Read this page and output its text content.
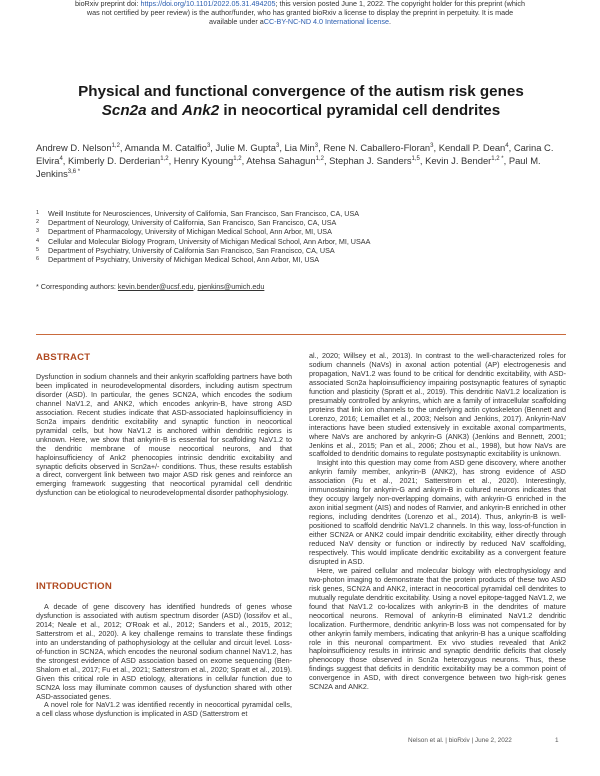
bioRxiv preprint doi: https://doi.org/10.1101/2022.05.31.494205; this version posted June 1, 2022. The copyright holder for this preprint (which
was not certified by peer review) is the author/funder, who has granted bioRxiv a license to display the preprint in perpetuity. It is made
available under aCC-BY-NC-ND 4.0 International license.
Physical and functional convergence of the autism risk genes
Scn2a and Ank2 in neocortical pyramidal cell dendrites
Andrew D. Nelson$^{1,2}$, Amanda M. Catalfio$^3$, Julie M. Gupta$^3$, Lia Min$^3$, Rene N. Caballero-Floran$^3$, Kendall P. Dean$^4$, Carina C. Elvira$^4$, Kimberly D. Derderian$^{1,2}$, Henry Kyoung$^{1,2}$, Atehsa Sahagun$^{1,2}$, Stephan J. Sanders$^{1,5}$, Kevin J. Bender$^{1,2 *}$, Paul M. Jenkins$^{3,6 *}$
1	Weill Institute for Neurosciences, University of California, San Francisco, San Francisco, CA, USA
2	Department of Neurology, University of California, San Francisco, San Francisco, CA, USA
3	Department of Pharmacology, University of Michigan Medical School, Ann Arbor, MI, USA
4	Cellular and Molecular Biology Program, University of Michigan Medical School, Ann Arbor, MI, USAA
5	Department of Psychiatry, University of California San Francisco, San Francisco, CA, USA
6	Department of Psychiatry, University of Michigan Medical School, Ann Arbor, MI, USA
* Corresponding authors: kevin.bender@ucsf.edu, pjenkins@umich.edu
ABSTRACT

Dysfunction in sodium channels and their ankyrin scaffolding partners have both been implicated in neurodevelopmental disorders, including autism spectrum disorder (ASD). In particular, the genes SCN2A, which encodes the sodium channel NaV1.2, and ANK2, which encodes ankyrin-B, have strong ASD association. Recent studies indicate that ASD-associated haploinsufficiency in Scn2a impairs dendritic excitability and synaptic function in neocortical pyramidal cells, but how NaV1.2 is anchored within dendritic regions is unknown. Here, we show that ankyrin-B is essential for scaffolding NaV1.2 to the dendritic membrane of mouse neocortical neurons, and that haploinsufficiency of Ank2 phenocopies intrinsic dendritic excitability and synaptic deficits observed in Scn2a+/- conditions. Thus, these results establish a direct, convergent link between two major ASD risk genes and reinforce an emerging framework suggesting that neocortical pyramidal cell dendritic dysfunction can be etiological to neurodevelopmental disorder pathophysiology.

INTRODUCTION

A decade of gene discovery has identified hundreds of genes whose dysfunction is associated with autism spectrum disorder (ASD) (Iossifov et al., 2014; Neale et al., 2012; O'Roak et al., 2012; Sanders et al., 2015, 2012; Satterstrom et al., 2020). A key challenge remains to translate these findings into an understanding of pathophysiology at the cellular and circuit level. Loss-of-function in SCN2A, which encodes the neuronal sodium channel NaV1.2, has the strongest evidence of ASD association based on exome sequencing (Ben-Shalom et al., 2017; Fu et al., 2021; Satterstrom et al., 2020; Spratt et al., 2019). Given this critical role in ASD etiology, alterations in cellular function due to SCN2A loss may illuminate common causes of dysfunction shared with other ASD-associated genes.

A novel role for NaV1.2 was identified recently in neocortical pyramidal cells, a cell class whose dysfunction is implicated in ASD (Satterstrom et

al., 2020; Willsey et al., 2013). In contrast to the well-characterized roles for sodium channels (NaVs) in axonal action potential (AP) electrogenesis and propagation, NaV1.2 was found to be critical for dendritic excitability, with ASD-associated Scn2a haploinsufficiency impairing postsynaptic features of synaptic function and plasticity (Spratt et al., 2019). This dendritic NaV1.2 localization is presumably controlled by ankyrins, which are a family of intracellular scaffolding proteins that link ion channels to the underlying actin cytoskeleton (Bennett and Lorenzo, 2016; Lemaillet et al., 2003; Nelson and Jenkins, 2017). Ankyrin-NaV interactions have been studied extensively in excitable axonal compartments, where NaVs are anchored by ankyrin-G (ANK3) (Jenkins and Bennett, 2001; Jenkins et al., 2015; Pan et al., 2006; Zhou et al., 1998), but how NaVs are scaffolded to dendritic domains to regulate postsynaptic excitability is unknown.

Insight into this question may come from ASD gene discovery, where another ankyrin family member, ankyrin-B (ANK2), has strong evidence of ASD association (Fu et al., 2021; Satterstrom et al., 2020). Interestingly, immunostaining for ankyrin-G and ankyrin-B in cultured neurons indicates that they occupy largely non-overlapping domains, with ankyrin-G enriched in the axon initial segment (AIS) and nodes of Ranvier, and ankyrin-B enriched in other regions, including dendrites (Lorenzo et al., 2014). Thus, ankyrin-B is well-positioned to scaffold dendritic NaV1.2 channels. In this way, loss-of-function in either SCN2A or ANK2 could impair dendritic excitability, either directly through reduced NaV density or function or indirectly by reduced NaV scaffolding, respectively. This would implicate dendritic excitability as a convergent feature disrupted in ASD.

Here, we paired cellular and molecular biology with electrophysiology and two-photon imaging to demonstrate that the protein products of these two ASD risk genes, SCN2A and ANK2, interact in neocortical pyramidal cell dendrites to mutually regulate dendritic excitability. Using a novel epitope-tagged NaV1.2, we found that NaV1.2 co-localizes with ankyrin-B in the dendrites of mature neocortical neurons. Removal of ankyrin-B eliminated NaV1.2 dendritic localization. Furthermore, dendritic ankyrin-B loss was not compensated for by other ankyrin family members, indicating that ankyrin-B has a unique scaffolding role in this neuronal compartment. Ex vivo studies revealed that Ank2 haploinsufficiency results in intrinsic and synaptic dendritic deficits that closely phenocopy those observed in Scn2a heterozygous neurons. Thus, these findings suggest that deficits in dendritic excitability may be a common point of convergence in ASD, with direct convergence between two high-risk genes SCN2A and ANK2.

Nelson et al. | bioRxiv | June 2, 2022	1
